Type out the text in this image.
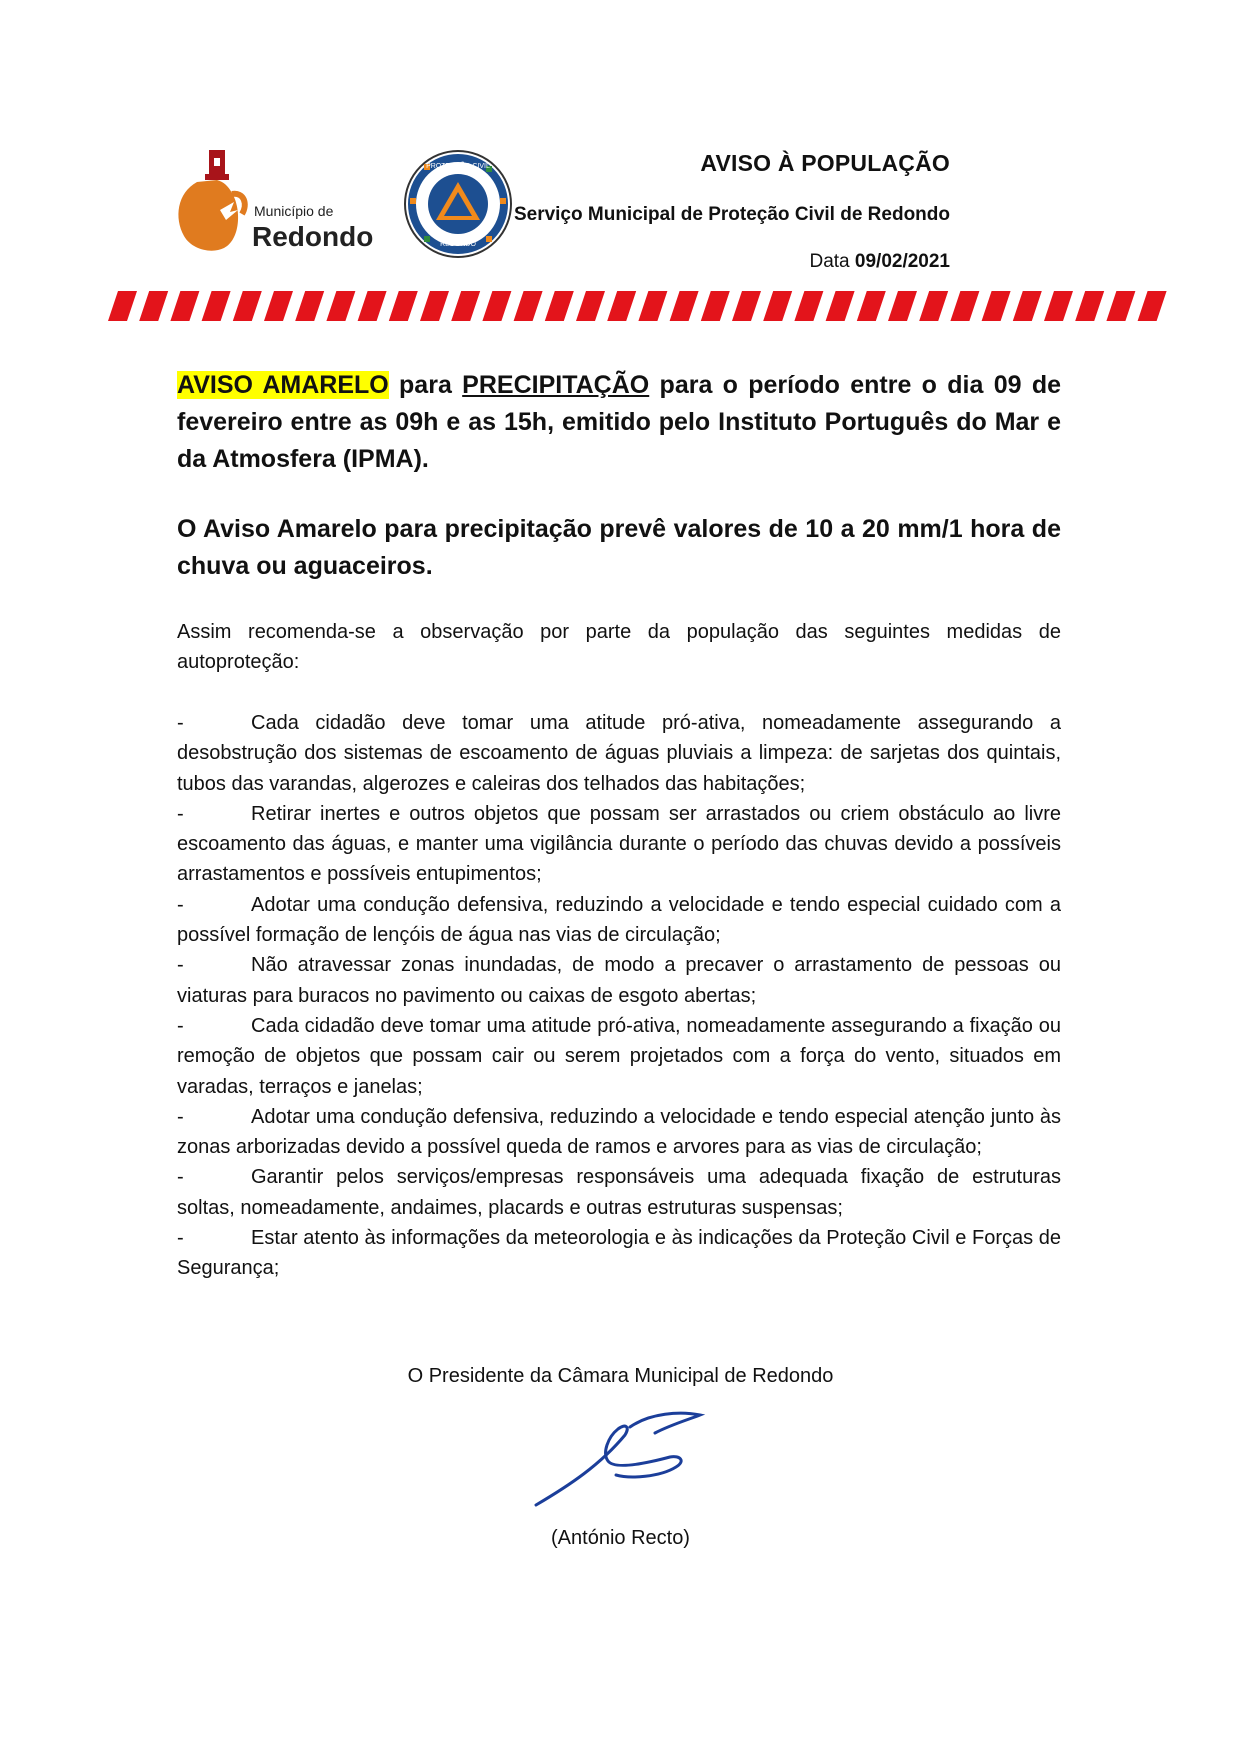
Município de
Redondo
PROTECÇÃO CIVIL
REDONDO
AVISO À POPULAÇÃO
Serviço Municipal de Proteção Civil de Redondo
Data 09/02/2021
AVISO AMARELO para PRECIPITAÇÃO para o período entre o dia 09 de fevereiro entre as 09h e as 15h, emitido pelo Instituto Português do Mar e da Atmosfera (IPMA).
O Aviso Amarelo para precipitação prevê valores de 10 a 20 mm/1 hora de chuva ou aguaceiros.
Assim recomenda-se a observação por parte da população das seguintes medidas de autoproteção:
-	Cada cidadão deve tomar uma atitude pró-ativa, nomeadamente assegurando a desobstrução dos sistemas de escoamento de águas pluviais a limpeza: de sarjetas dos quintais, tubos das varandas, algerozes e caleiras dos telhados das habitações;
-	Retirar inertes e outros objetos que possam ser arrastados ou criem obstáculo ao livre escoamento das águas, e manter uma vigilância durante o período das chuvas devido a possíveis arrastamentos e possíveis entupimentos;
-	Adotar uma condução defensiva, reduzindo a velocidade e tendo especial cuidado com a possível formação de lençóis de água nas vias de circulação;
-	Não atravessar zonas inundadas, de modo a precaver o arrastamento de pessoas ou viaturas para buracos no pavimento ou caixas de esgoto abertas;
-	Cada cidadão deve tomar uma atitude pró-ativa, nomeadamente assegurando a fixação ou remoção de objetos que possam cair ou serem projetados com a força do vento, situados em varadas, terraços e janelas;
-	Adotar uma condução defensiva, reduzindo a velocidade e tendo especial atenção junto às zonas arborizadas devido a possível queda de ramos e arvores para as vias de circulação;
-	Garantir pelos serviços/empresas responsáveis uma adequada fixação de estruturas soltas, nomeadamente, andaimes, placards e outras estruturas suspensas;
-	Estar atento às informações da meteorologia e às indicações da Proteção Civil e Forças de Segurança;
O Presidente da Câmara Municipal de Redondo
(António Recto)
